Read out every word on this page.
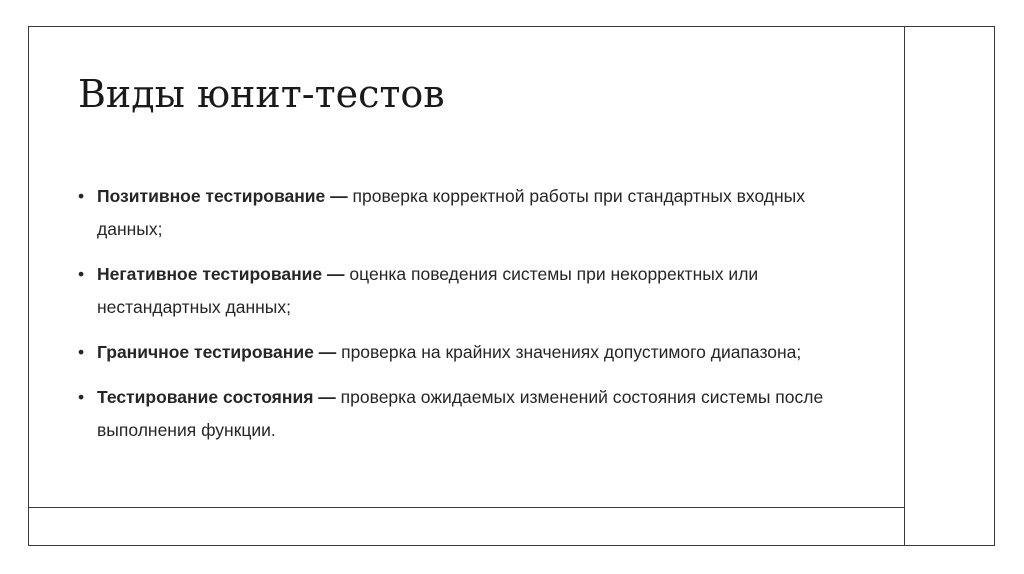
Виды юнит-тестов
• Позитивное тестирование — проверка корректной работы при стандартных входных данных;
• Негативное тестирование — оценка поведения системы при некорректных или нестандартных данных;
• Граничное тестирование — проверка на крайних значениях допустимого диапазона;
• Тестирование состояния — проверка ожидаемых изменений состояния системы после выполнения функции.
